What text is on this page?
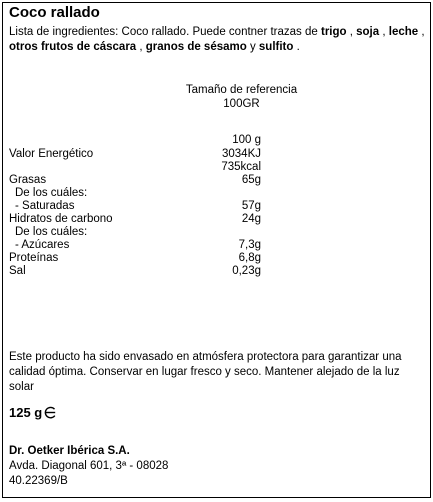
Coco rallado
Lista de ingredientes: Coco rallado. Puede contner trazas de trigo , soja , leche , otros frutos de cáscara , granos de sésamo y sulfito .
Tamaño de referencia
100GR
100 g
Valor Energético	3034KJ
735kcal
Grasas	65g
De los cuáles:
- Saturadas	57g
Hidratos de carbono	24g
De los cuáles:
- Azúcares	7,3g
Proteínas	6,8g
Sal	0,23g
Este producto ha sido envasado en atmósfera protectora para garantizar una calidad óptima. Conservar en lugar fresco y seco. Mantener alejado de la luz solar
125 g
Dr. Oetker Ibérica S.A.
Avda. Diagonal 601, 3ª - 08028
40.22369/B
